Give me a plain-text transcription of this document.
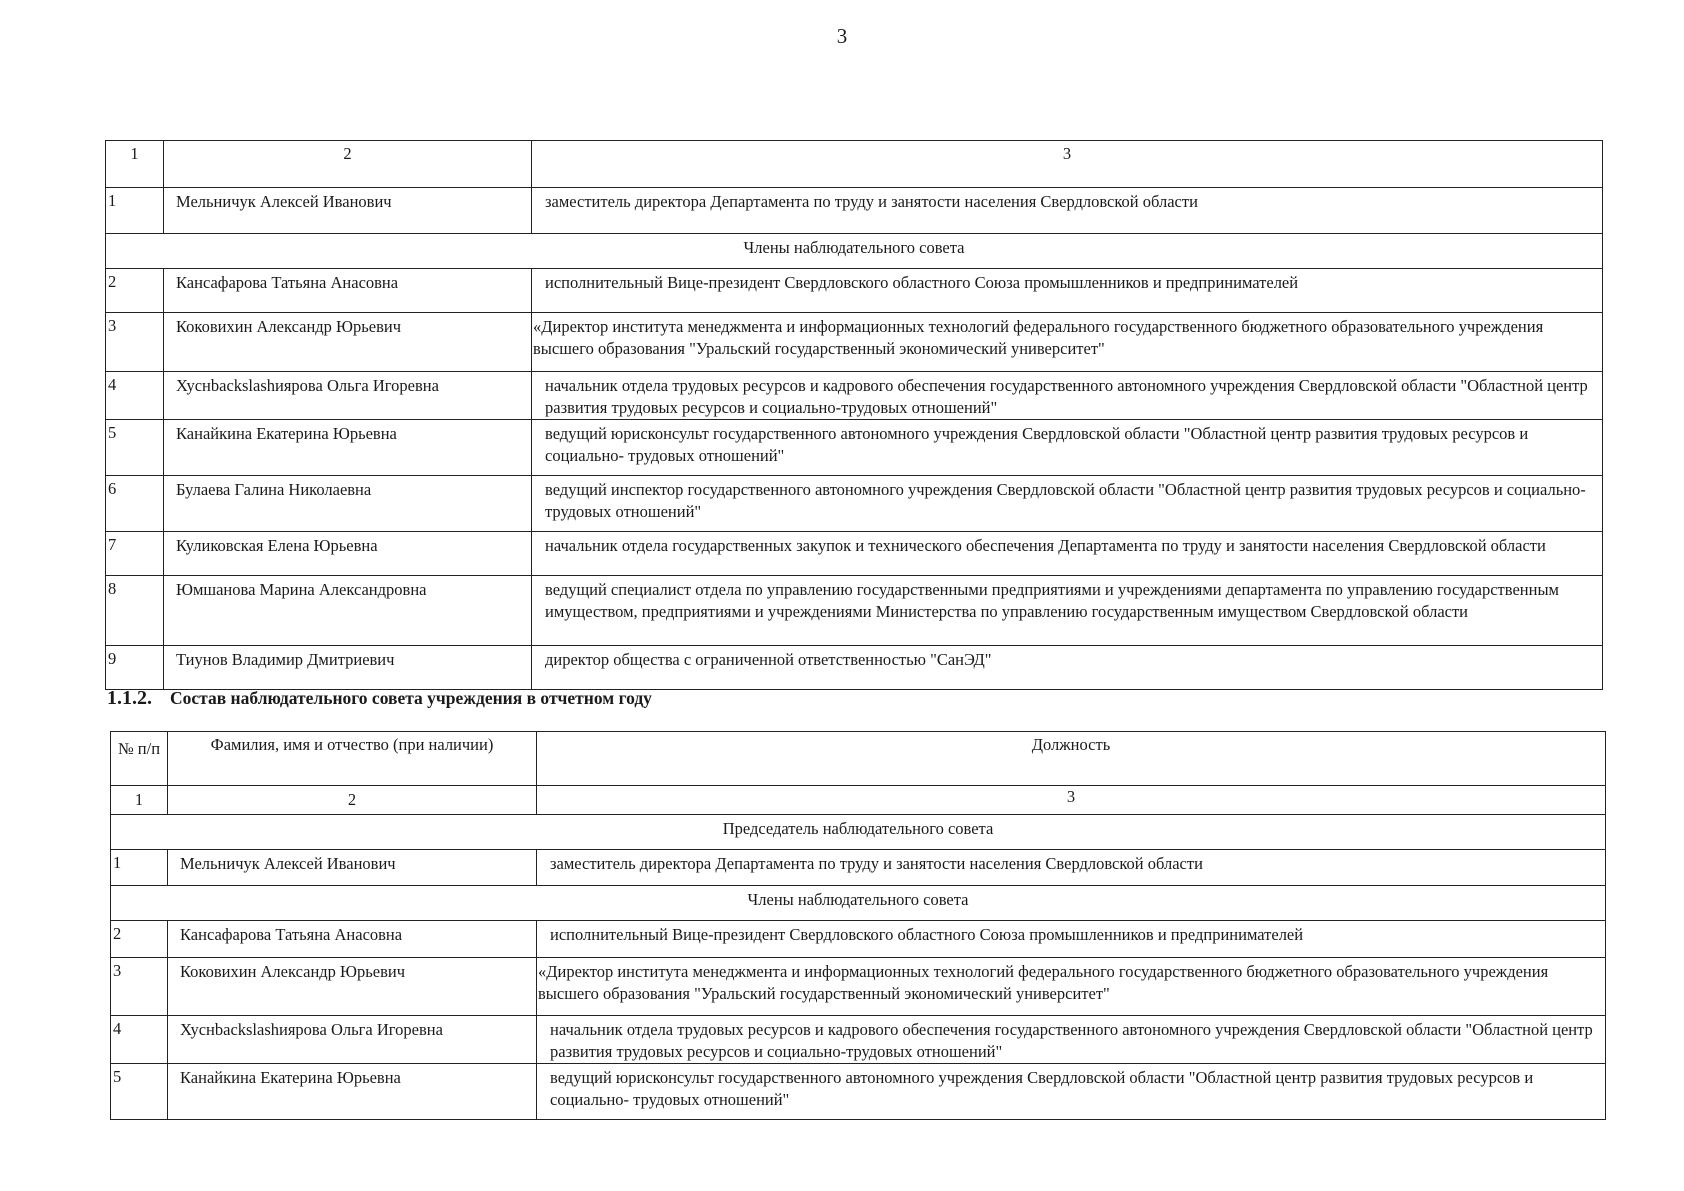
3
1	2	3
1	Мельничук Алексей Иванович	заместитель директора Департамента по труду и занятости населения Свердловской области
Члены наблюдательного совета		
2	Кансафарова Татьяна Анасовна	исполнительный Вице-президент Свердловского областного Союза промышленников и предпринимателей
3	Коковихин Александр Юрьевич	«Директор института менеджмента и информационных технологий федерального государственного бюджетного образовательного учреждения высшего образования "Уральский государственный экономический университет"
4	Хуснbackslashиярова Ольга Игоревна	начальник отдела трудовых ресурсов и кадрового обеспечения государственного автономного учреждения Свердловской области "Областной центр развития трудовых ресурсов и социально-трудовых отношений"
5	Канайкина Екатерина Юрьевна	ведущий юрисконсульт государственного автономного учреждения Свердловской области "Областной центр развития трудовых ресурсов и социально- трудовых отношений"
6	Булаева Галина Николаевна	ведущий инспектор государственного автономного учреждения Свердловской области "Областной центр развития трудовых ресурсов и социально-трудовых отношений"
7	Куликовская Елена Юрьевна	начальник отдела государственных закупок и технического обеспечения Департамента по труду и занятости населения Свердловской области
8	Юмшанова Марина Александровна	ведущий специалист отдела по управлению государственными предприятиями и учреждениями департамента по управлению государственным имуществом, предприятиями и учреждениями Министерства по управлению государственным имуществом Свердловской области
9	Тиунов Владимир Дмитриевич	директор общества с ограниченной ответственностью "СанЭД"
1.1.2. Состав наблюдательного совета учреждения в отчетном году
№ п/п	Фамилия, имя и отчество (при наличии)	Должность
1	2	3
Председатель наблюдательного совета		
1	Мельничук Алексей Иванович	заместитель директора Департамента по труду и занятости населения Свердловской области
Члены наблюдательного совета		
2	Кансафарова Татьяна Анасовна	исполнительный Вице-президент Свердловского областного Союза промышленников и предпринимателей
3	Коковихин Александр Юрьевич	«Директор института менеджмента и информационных технологий федерального государственного бюджетного образовательного учреждения высшего образования "Уральский государственный экономический университет"
4	Хуснbackslashиярова Ольга Игоревна	начальник отдела трудовых ресурсов и кадрового обеспечения государственного автономного учреждения Свердловской области "Областной центр развития трудовых ресурсов и социально-трудовых отношений"
5	Канайкина Екатерина Юрьевна	ведущий юрисконсульт государственного автономного учреждения Свердловской области "Областной центр развития трудовых ресурсов и социально- трудовых отношений"
